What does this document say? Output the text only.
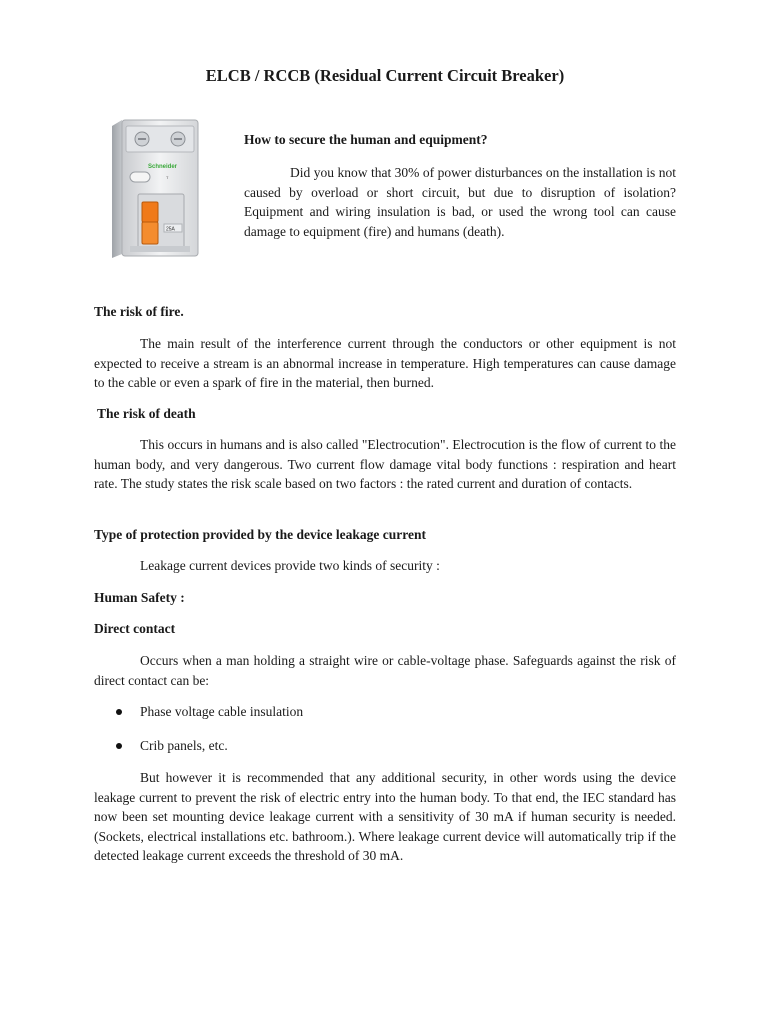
ELCB / RCCB (Residual Current Circuit Breaker)
Schneider
T
25A

How to secure the human and equipment?

Did you know that 30% of power disturbances on the installation is not caused by overload or short circuit, but due to disruption of isolation? Equipment and wiring insulation is bad, or used the wrong tool can cause damage to equipment (fire) and humans (death).

The risk of fire.

The main result of the interference current through the conductors or other equipment is not expected to receive a stream is an abnormal increase in temperature. High temperatures can cause damage to the cable or even a spark of fire in the material, then burned.

The risk of death

This occurs in humans and is also called "Electrocution". Electrocution is the flow of current to the human body, and very dangerous. Two current flow damage vital body functions : respiration and heart rate. The study states the risk scale based on two factors : the rated current and duration of contacts.

Type of protection provided by the device leakage current

Leakage current devices provide two kinds of security :

Human Safety :

Direct contact

Occurs when a man holding a straight wire or cable-voltage phase. Safeguards against the risk of direct contact can be:

Phase voltage cable insulation
Crib panels, etc.

But however it is recommended that any additional security, in other words using the device leakage current to prevent the risk of electric entry into the human body. To that end, the IEC standard has now been set mounting device leakage current with a sensitivity of 30 mA if human security is needed. (Sockets, electrical installations etc. bathroom.). Where leakage current device will automatically trip if the detected leakage current exceeds the threshold of 30 mA.
